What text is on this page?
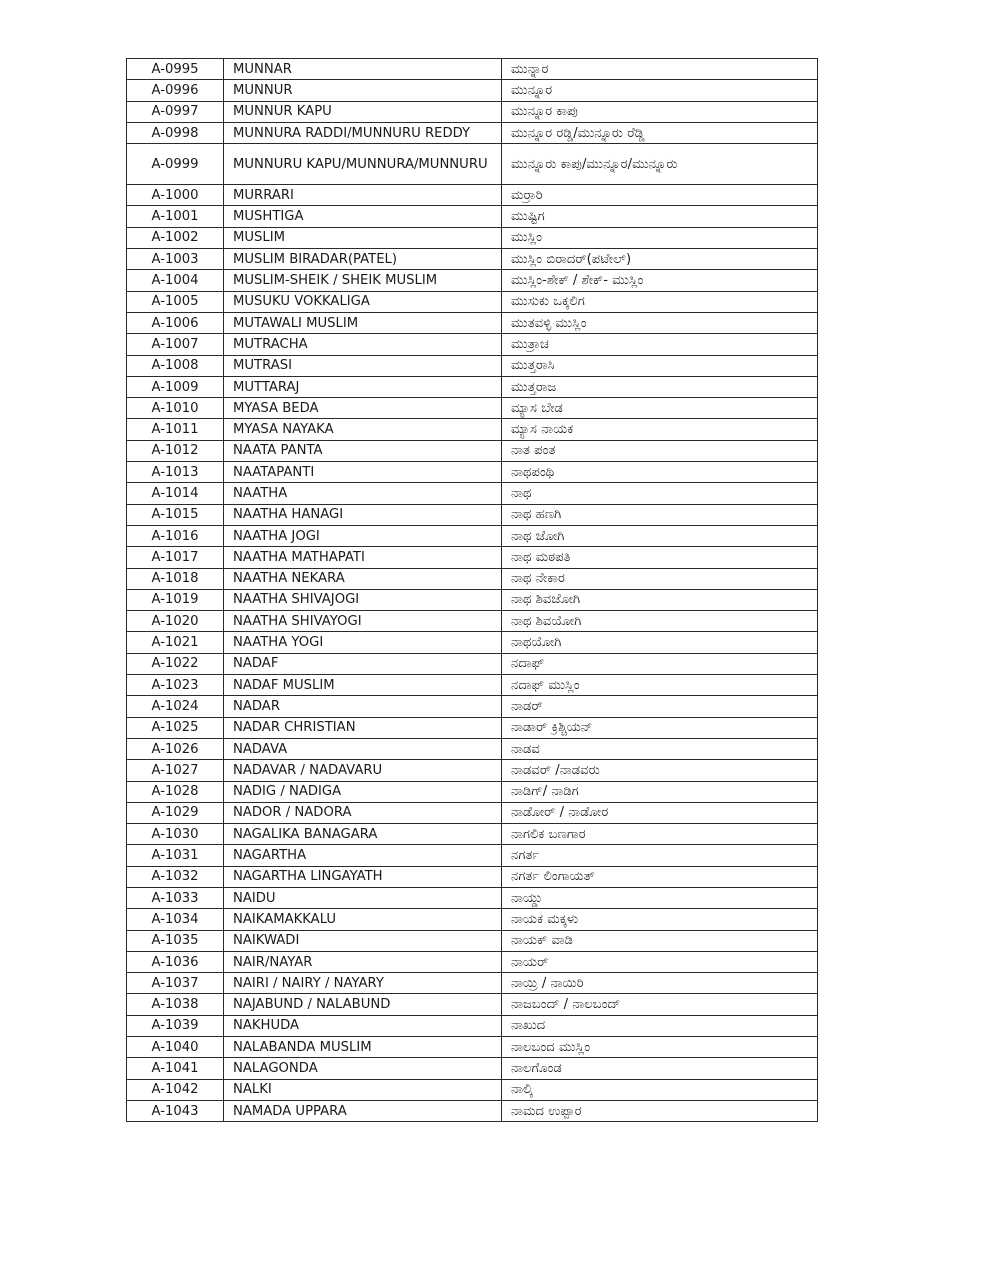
A-0995	MUNNAR	ಮುನ್ನಾರ
A-0996	MUNNUR	ಮುನ್ನೂರ
A-0997	MUNNUR KAPU	ಮುನ್ನೂರ ಕಾಪು
A-0998	MUNNURA RADDI/MUNNURU REDDY	ಮುನ್ನೂರ ರಡ್ಡಿ/ಮುನ್ನೂರು ರೆಡ್ಡಿ
A-0999	MUNNURU KAPU/MUNNURA/MUNNURU	ಮುನ್ನೂರು ಕಾಪು/ಮುನ್ನೂರ/ಮುನ್ನೂರು
A-1000	MURRARI	ಮರ್ರಾರಿ
A-1001	MUSHTIGA	ಮುಷ್ಟಿಗ
A-1002	MUSLIM	ಮುಸ್ಲಿಂ
A-1003	MUSLIM BIRADAR(PATEL)	ಮುಸ್ಲಿಂ ಬಿರಾದರ್(ಪಟೇಲ್)
A-1004	MUSLIM-SHEIK / SHEIK MUSLIM	ಮುಸ್ಲಿಂ-ಶೇಕ್ / ಶೇಕ್- ಮುಸ್ಲಿಂ
A-1005	MUSUKU VOKKALIGA	ಮುಸುಕು ಒಕ್ಕಲಿಗ
A-1006	MUTAWALI MUSLIM	ಮುತವಳ್ಳಿ ಮುಸ್ಲಿಂ
A-1007	MUTRACHA	ಮುತ್ರಾಚ
A-1008	MUTRASI	ಮುತ್ತರಾಸಿ
A-1009	MUTTARAJ	ಮುತ್ತರಾಜ
A-1010	MYASA BEDA	ಮ್ಯಾಸ ಬೇಡ
A-1011	MYASA NAYAKA	ಮ್ಯಾಸ ನಾಯಕ
A-1012	NAATA PANTA	ನಾತ ಪಂತ
A-1013	NAATAPANTI	ನಾಥಪಂಥಿ
A-1014	NAATHA	ನಾಥ
A-1015	NAATHA HANAGI	ನಾಥ ಹಣಗಿ
A-1016	NAATHA JOGI	ನಾಥ ಜೋಗಿ
A-1017	NAATHA MATHAPATI	ನಾಥ ಮಠಪತಿ
A-1018	NAATHA NEKARA	ನಾಥ ನೇಕಾರ
A-1019	NAATHA SHIVAJOGI	ನಾಥ ಶಿವಜೋಗಿ
A-1020	NAATHA SHIVAYOGI	ನಾಥ ಶಿವಯೋಗಿ
A-1021	NAATHA YOGI	ನಾಥಯೋಗಿ
A-1022	NADAF	ನದಾಫ್
A-1023	NADAF MUSLIM	ನದಾಫ್ ಮುಸ್ಲಿಂ
A-1024	NADAR	ನಾಡರ್
A-1025	NADAR CHRISTIAN	ನಾಡಾರ್ ಕ್ರಿಶ್ಚಿಯನ್
A-1026	NADAVA	ನಾಡವ
A-1027	NADAVAR / NADAVARU	ನಾಡವರ್ /ನಾಡವರು
A-1028	NADIG / NADIGA	ನಾಡಿಗ್/ ನಾಡಿಗ
A-1029	NADOR / NADORA	ನಾಡೋರ್ / ನಾಡೋರ
A-1030	NAGALIKA BANAGARA	ನಾಗಲಿಕ ಬಣಗಾರ
A-1031	NAGARTHA	ನಗರ್ತ
A-1032	NAGARTHA LINGAYATH	ನಗರ್ತ ಲಿಂಗಾಯತ್
A-1033	NAIDU	ನಾಯ್ಡು
A-1034	NAIKAMAKKALU	ನಾಯಕ ಮಕ್ಕಳು
A-1035	NAIKWADI	ನಾಯಕ್ ವಾಡಿ
A-1036	NAIR/NAYAR	ನಾಯರ್
A-1037	NAIRI / NAIRY / NAYARY	ನಾಯ್ರಿ / ನಾಯಿರಿ
A-1038	NAJABUND / NALABUND	ನಾಜಬಂದ್ / ನಾಲಬಂದ್
A-1039	NAKHUDA	ನಾಖುದ
A-1040	NALABANDA MUSLIM	ನಾಲಬಂದ ಮುಸ್ಲಿಂ
A-1041	NALAGONDA	ನಾಲಗೊಂಡ
A-1042	NALKI	ನಾಲ್ಕಿ
A-1043	NAMADA UPPARA	ನಾಮದ ಉಪ್ಪಾರ
